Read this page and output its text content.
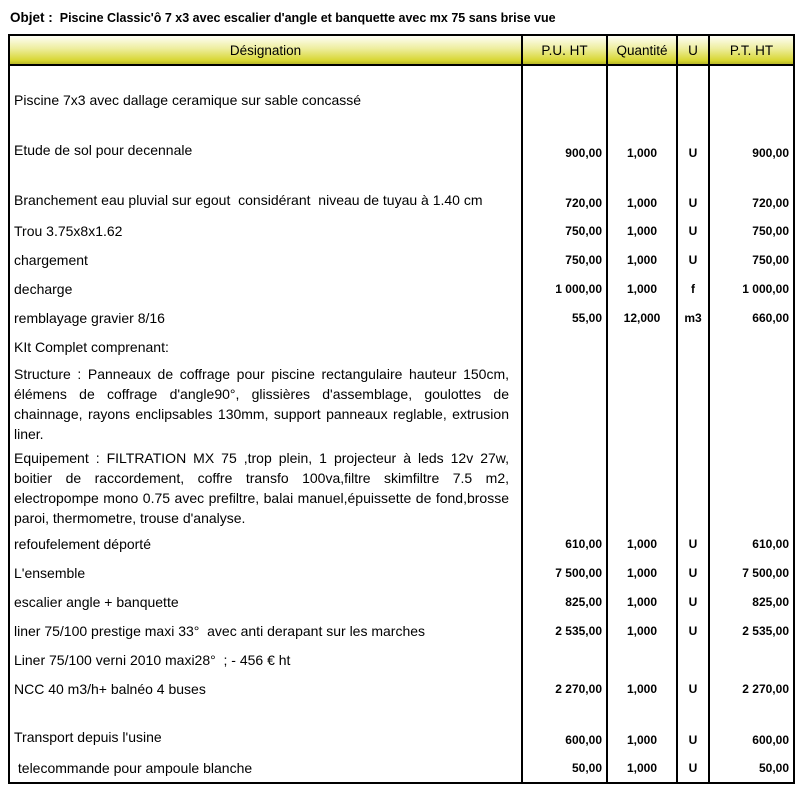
Objet : Piscine Classic'ô 7 x3 avec escalier d'angle et banquette avec mx 75 sans brise vue
Désignation	P.U. HT	Quantité	U	P.T. HT
Piscine 7x3 avec dallage ceramique sur sable concassé
Etude de sol pour decennale	900,00	1,000	U	900,00
Branchement eau pluvial sur egout  considérant  niveau de tuyau à 1.40 cm	720,00	1,000	U	720,00
Trou 3.75x8x1.62	750,00	1,000	U	750,00
chargement	750,00	1,000	U	750,00
decharge	1 000,00	1,000	f	1 000,00
remblayage gravier 8/16	55,00	12,000	m3	660,00
KIt Complet comprenant:
Structure : Panneaux de coffrage pour piscine rectangulaire hauteur 150cm, élémens de coffrage d'angle90°, glissières d'assemblage, goulottes de chainnage, rayons enclipsables 130mm, support panneaux reglable, extrusion liner.
Equipement : FILTRATION MX 75 ,trop plein, 1 projecteur à leds 12v 27w, boitier de raccordement, coffre transfo 100va,filtre skimfiltre 7.5 m2, electropompe mono 0.75 avec prefiltre, balai manuel,épuissette de fond,brosse paroi, thermometre, trouse d'analyse.
refoufelement déporté	610,00	1,000	U	610,00
L'ensemble	7 500,00	1,000	U	7 500,00
escalier angle + banquette	825,00	1,000	U	825,00
liner 75/100 prestige maxi 33°  avec anti derapant sur les marches	2 535,00	1,000	U	2 535,00
Liner 75/100 verni 2010 maxi28°  ; - 456 € ht
NCC 40 m3/h+ balnéo 4 buses	2 270,00	1,000	U	2 270,00
Transport depuis l'usine	600,00	1,000	U	600,00
telecommande pour ampoule blanche	50,00	1,000	U	50,00
